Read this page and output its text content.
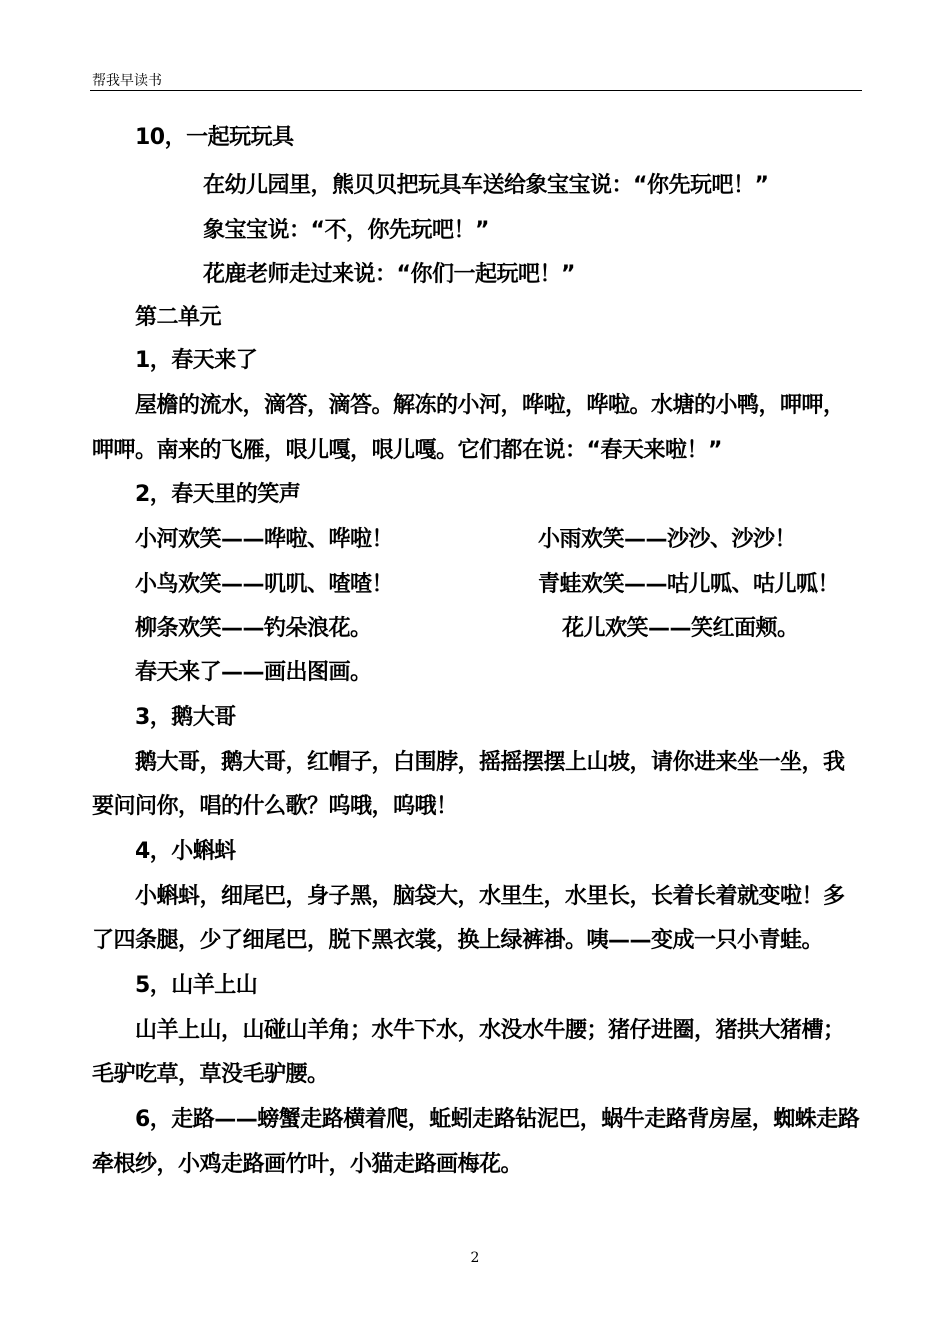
帮我早读书
10，一起玩玩具
在幼儿园里，熊贝贝把玩具车送给象宝宝说：“你先玩吧！”
象宝宝说：“不，你先玩吧！”
花鹿老师走过来说：“你们一起玩吧！”
第二单元
1，春天来了
屋檐的流水，滴答，滴答。解冻的小河，哗啦，哗啦。水塘的小鸭，呷呷，
呷呷。南来的飞雁，哏儿嘎，哏儿嘎。它们都在说：“春天来啦！”
2，春天里的笑声
小河欢笑——哗啦、哗啦！	小雨欢笑——沙沙、沙沙！
小鸟欢笑——叽叽、喳喳！	青蛙欢笑——咕儿呱、咕儿呱！
柳条欢笑——钓朵浪花。	花儿欢笑——笑红面颊。
春天来了——画出图画。
3，鹅大哥
鹅大哥，鹅大哥，红帽子，白围脖，摇摇摆摆上山坡，请你进来坐一坐，我
要问问你，唱的什么歌？呜哦，呜哦！
4，小蝌蚪
小蝌蚪，细尾巴，身子黑，脑袋大，水里生，水里长，长着长着就变啦！多
了四条腿，少了细尾巴，脱下黑衣裳，换上绿裤褂。咦——变成一只小青蛙。
5，山羊上山
山羊上山，山碰山羊角；水牛下水，水没水牛腰；猪仔进圈，猪拱大猪槽；
毛驴吃草，草没毛驴腰。
6，走路——螃蟹走路横着爬，蚯蚓走路钻泥巴，蜗牛走路背房屋，蜘蛛走路
牵根纱，小鸡走路画竹叶，小猫走路画梅花。
2
